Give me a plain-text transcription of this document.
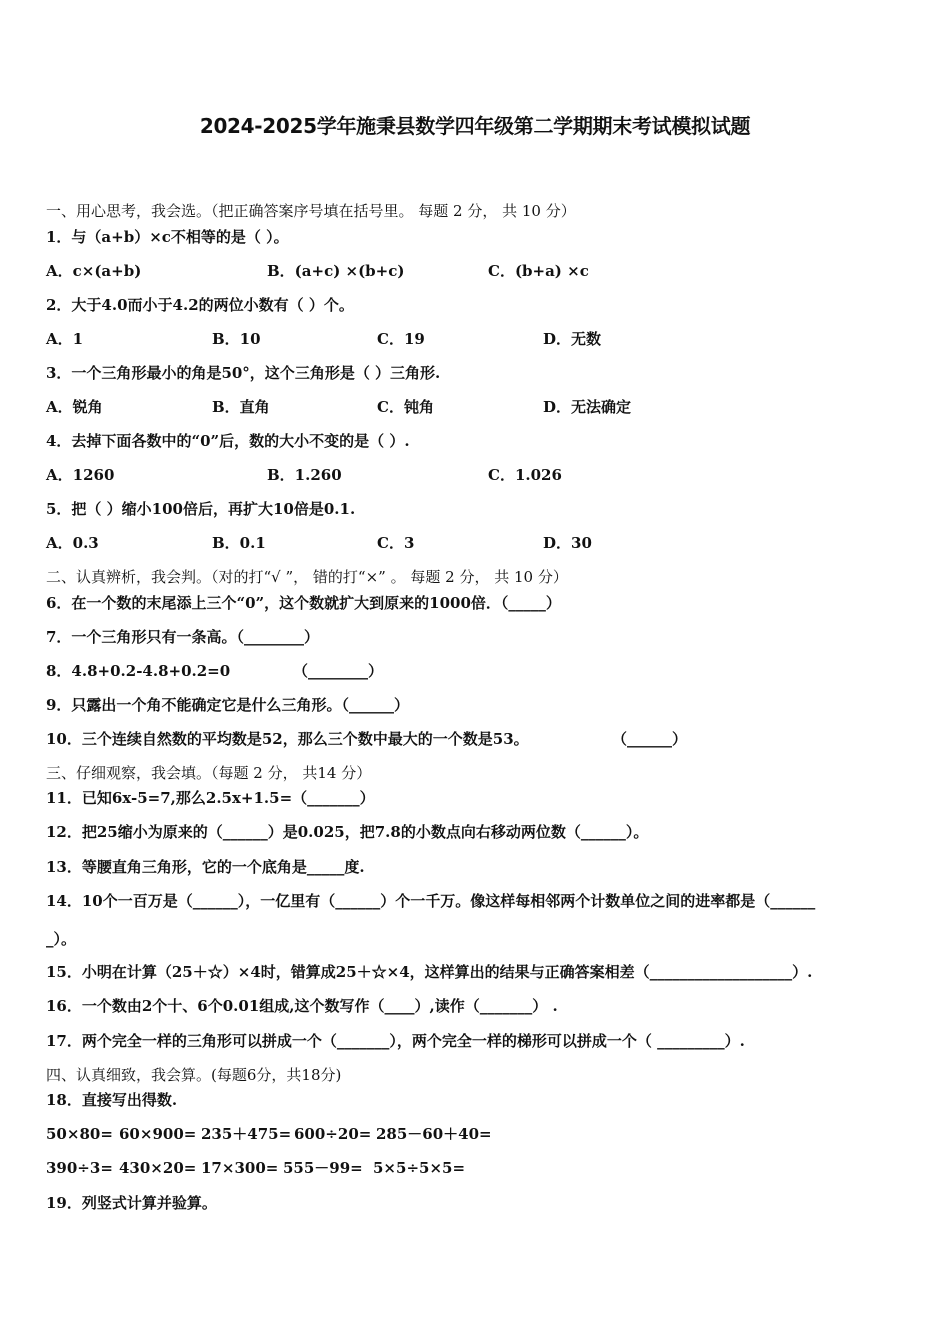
2024-2025学年施秉县数学四年级第二学期期末考试模拟试题
一、用心思考，我会选。（把正确答案序号填在括号里。 每题 2 分， 共 10 分）
1．与（a+b）×c不相等的是（ ）。
A．c×(a+b)	B．(a+c) ×(b+c)	C．(b+a) ×c
2．大于4.0而小于4.2的两位小数有（ ）个。
A．1	B．10	C．19	D．无数
3．一个三角形最小的角是50°，这个三角形是（ ）三角形.
A．锐角	B．直角	C．钝角	D．无法确定
4．去掉下面各数中的“0”后，数的大小不变的是（ ）.
A．1260	B．1.260	C．1.026
5．把（ ）缩小100倍后，再扩大10倍是0.1.
A．0.3	B．0.1	C．3	D．30
二、认真辨析，我会判。（对的打“√ ”， 错的打“×” 。 每题 2 分， 共 10 分）
6．在一个数的末尾添上三个“0”，这个数就扩大到原来的1000倍．（_____）
7．一个三角形只有一条高。（________）
8．4.8+0.2-4.8+0.2=0	（________）
9．只露出一个角不能确定它是什么三角形。（______）
10．三个连续自然数的平均数是52，那么三个数中最大的一个数是53。	（______）
三、仔细观察，我会填。（每题 2 分， 共14 分）
11．已知6x-5=7,那么2.5x+1.5=（_______）
12．把25缩小为原来的（______）是0.025，把7.8的小数点向右移动两位数（______）。
13．等腰直角三角形，它的一个底角是_____度.
14．10个一百万是（______），一亿里有（______）个一千万。像这样每相邻两个计数单位之间的进率都是（______
_）。
15．小明在计算（25＋☆）×4时，错算成25＋☆×4，这样算出的结果与正确答案相差（___________________）.
16．一个数由2个十、6个0.01组成,这个数写作（____）,读作（_______） .
17．两个完全一样的三角形可以拼成一个（_______），两个完全一样的梯形可以拼成一个（ _________）.
四、认真细致，我会算。(每题6分，共18分)
18．直接写出得数.
50×80= 60×900= 235＋475= 600÷20= 285－60＋40=
390÷3= 430×20= 17×300= 555－99= 5×5÷5×5=
19．列竖式计算并验算。
